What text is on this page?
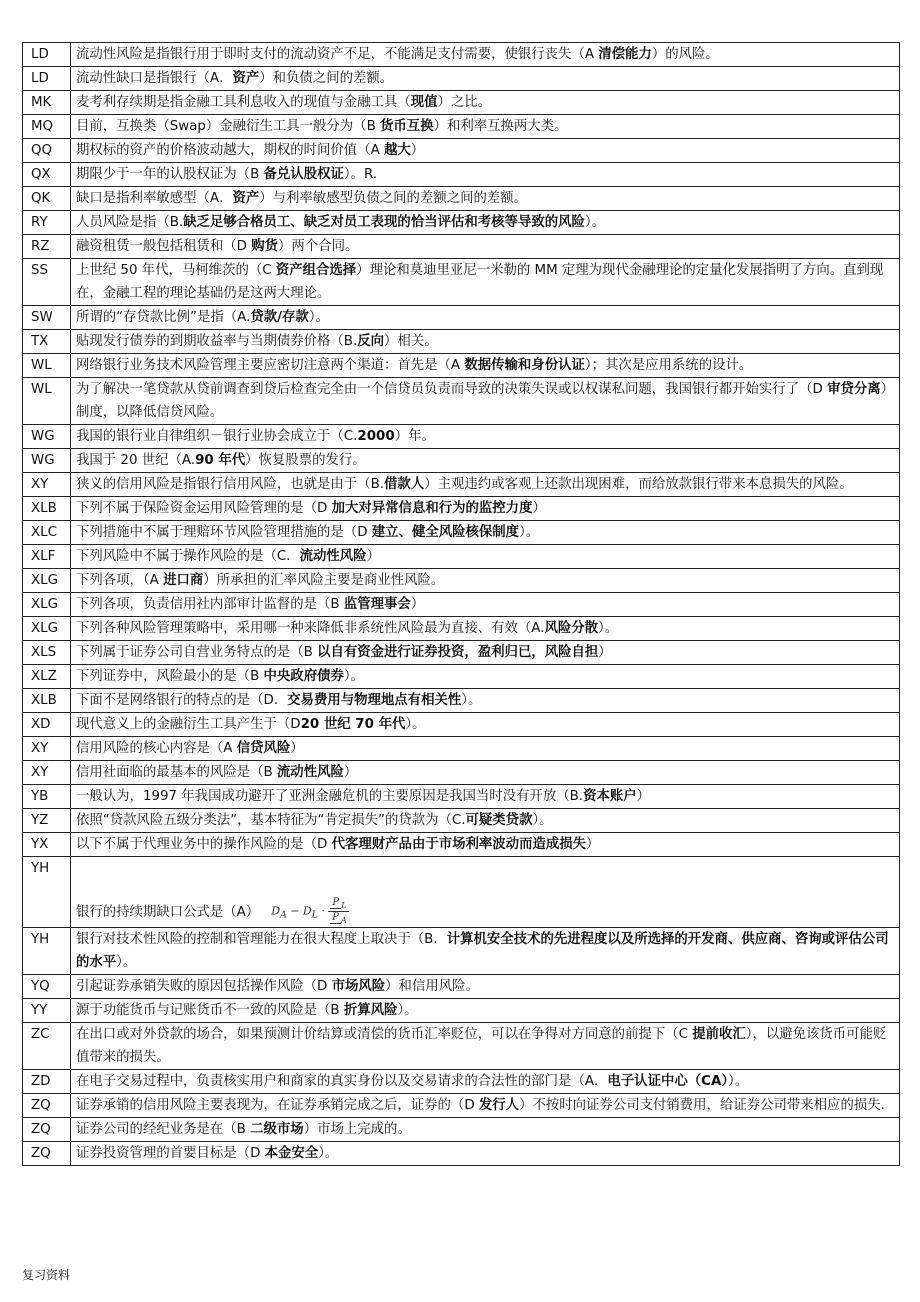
LD	流动性风险是指银行用于即时支付的流动资产不足，不能满足支付需要，使银行丧失（A 清偿能力）的风险。
LD	流动性缺口是指银行（A．资产）和负债之间的差额。
MK	麦考利存续期是指金融工具利息收入的现值与金融工具（现值）之比。
MQ	目前，互换类（Swap）金融衍生工具一般分为（B 货币互换）和利率互换两大类。
QQ	期权标的资产的价格波动越大，期权的时间价值（A 越大）
QX	期限少于一年的认股权证为（B 备兑认股权证）。R.
QK	缺口是指利率敏感型（A．资产）与利率敏感型负债之间的差额之间的差额。
RY	人员风险是指（B.缺乏足够合格员工、缺乏对员工表现的恰当评估和考核等导致的风险）。
RZ	融资租赁一般包括租赁和（D 购货）两个合同。
SS	上世纪 50 年代，马柯维茨的（C 资产组合选择）理论和莫迪里亚尼一米勒的 MM 定理为现代金融理论的定量化发展指明了方向。直到现在，金融工程的理论基础仍是这两大理论。
SW	所谓的“存贷款比例”是指（A.贷款/存款）。
TX	贴现发行债券的到期收益率与当期债券价格（B.反向）相关。
WL	网络银行业务技术风险管理主要应密切注意两个渠道：首先是（A 数据传输和身份认证）；其次是应用系统的设计。
WL	为了解决一笔贷款从贷前调查到贷后检查完全由一个信贷员负责而导致的决策失误或以权谋私问题，我国银行都开始实行了（D 审贷分离）制度，以降低信贷风险。
WG	我国的银行业自律组织－银行业协会成立于（C.2000）年。
WG	我国于 20 世纪（A.90 年代）恢复股票的发行。
XY	狭义的信用风险是指银行信用风险，也就是由于（B.借款人）主观违约或客观上还款出现困难，而给放款银行带来本息损失的风险。
XLB	下列不属于保险资金运用风险管理的是（D 加大对异常信息和行为的监控力度）
XLC	下列措施中不属于理赔环节风险管理措施的是（D 建立、健全风险核保制度）。
XLF	下列风险中不属于操作风险的是（C．流动性风险）
XLG	下列各项，（A 进口商）所承担的汇率风险主要是商业性风险。
XLG	下列各项，负责信用社内部审计监督的是（B 监管理事会）
XLG	下列各种风险管理策略中，采用哪一种来降低非系统性风险最为直接、有效（A.风险分散）。
XLS	下列属于证券公司自营业务特点的是（B 以自有资金进行证券投资，盈利归已，风险自担）
XLZ	下列证券中，风险最小的是（B 中央政府债券）。
XLB	下面不是网络银行的特点的是（D．交易费用与物理地点有相关性）。
XD	现代意义上的金融衍生工具产生于（D20 世纪 70 年代）。
XY	信用风险的核心内容是（A 信贷风险）
XY	信用社面临的最基本的风险是（B 流动性风险）
YB	一般认为，1997 年我国成功避开了亚洲金融危机的主要原因是我国当时没有开放（B.资本账户）
YZ	依照“贷款风险五级分类法”，基本特征为“肯定损失”的贷款为（C.可疑类贷款）。
YX	以下不属于代理业务中的操作风险的是（D 代客理财产品由于市场利率波动而造成损失）
YH	银行的持续期缺口公式是（A） $D_A - D_L \cdot \frac{P _L}{P _A}$

YH	银行对技术性风险的控制和管理能力在很大程度上取决于（B．计算机安全技术的先进程度以及所选择的开发商、供应商、咨询或评估公司的水平）。
YQ	引起证券承销失败的原因包括操作风险（D 市场风险）和信用风险。
YY	源于功能货币与记账货币不一致的风险是（B 折算风险）。
ZC	在出口或对外贷款的场合，如果预测计价结算或清偿的货币汇率贬位，可以在争得对方同意的前提下（C 提前收汇），以避免该货币可能贬值带来的损失。
ZD	在电子交易过程中，负责核实用户和商家的真实身份以及交易请求的合法性的部门是（A．电子认证中心（CA））。
ZQ	证券承销的信用风险主要表现为，在证券承销完成之后，证券的（D 发行人）不按时向证券公司支付销费用，给证券公司带来相应的损失.
ZQ	证券公司的经纪业务是在（B 二级市场）市场上完成的。
ZQ	证券投资管理的首要目标是（D 本金安全）。
复习资料
